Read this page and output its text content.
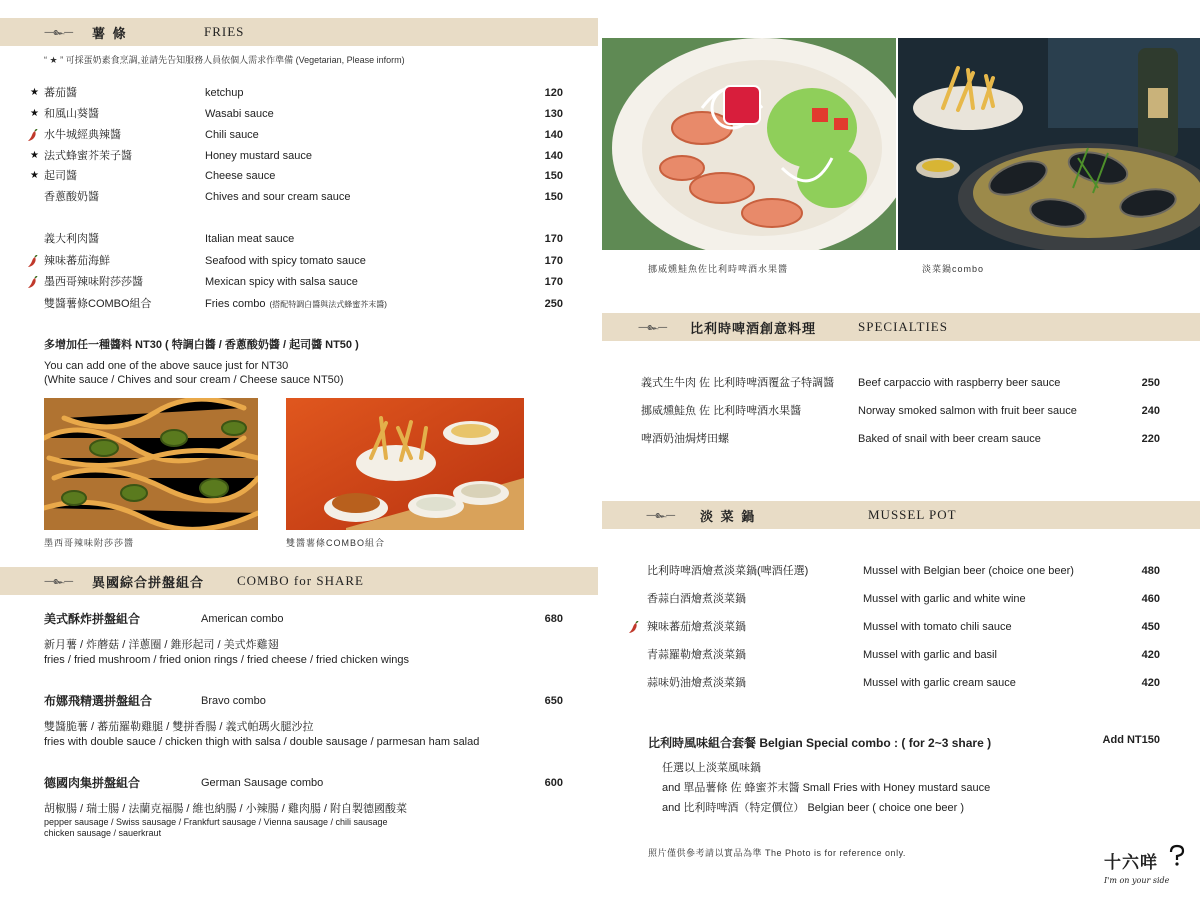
—๛—	薯 條	FRIES
“ ★ ” 可採蛋奶素食烹調,並請先告知服務人員依個人需求作準備 (Vegetarian, Please inform)
★ 蕃茄醬	ketchup	120
★ 和風山葵醬	Wasabi sauce	130
水牛城經典辣醬	Chili sauce	140
★ 法式蜂蜜芥茉子醬	Honey mustard sauce	140
★ 起司醬	Cheese sauce	150
香蔥酸奶醬	Chives and sour cream sauce	150
義大利肉醬	Italian meat sauce	170
辣味蕃茄海鮮	Seafood with spicy tomato sauce	170
墨西哥辣味附莎莎醬	Mexican spicy with salsa sauce	170
雙醬薯條COMBO組合	Fries combo (搭配特調白醬與法式蜂蜜芥末醬)	250
多增加任一種醬料 NT30 ( 特調白醬 / 香蔥酸奶醬 / 起司醬 NT50 )
You can add one of the above sauce just for NT30
(White sauce / Chives and sour cream / Cheese sauce NT50)
墨西哥辣味附莎莎醬	雙醬薯條COMBO組合
—๛—	異國綜合拼盤組合	COMBO for SHARE
美式酥炸拼盤組合	American combo	680
新月薯 / 炸蘑菇 / 洋蔥圈 / 錐形起司 / 美式炸雞翅
fries / fried mushroom / fried onion rings / fried cheese / fried chicken wings
布娜飛精選拼盤組合	Bravo combo	650
雙醬脆薯 / 蕃茄羅勒雞腿 / 雙拼香腸 / 義式帕瑪火腿沙拉
fries with double sauce / chicken thigh with salsa / double sausage / parmesan ham salad
德國肉集拼盤組合	German Sausage combo	600
胡椒腸 / 瑞士腸 / 法蘭克福腸 / 維也納腸 / 小辣腸 / 雞肉腸 / 附自製德國酸菜
pepper sausage / Swiss sausage / Frankfurt sausage / Vienna sausage / chili sausage
chicken sausage / sauerkraut
挪威燻鮭魚佐比利時啤酒水果醬	淡菜鍋combo
—๛—	比利時啤酒創意料理	SPECIALTIES
義式生牛肉 佐 比利時啤酒覆盆子特調醬 Beef carpaccio with raspberry beer sauce	250
挪威燻鮭魚 佐 比利時啤酒水果醬	Norway smoked salmon with fruit beer sauce	240
啤酒奶油焗烤田螺	Baked of snail with beer cream sauce	220
—๛—	淡 菜 鍋	MUSSEL POT
比利時啤酒燴煮淡菜鍋(啤酒任選)	Mussel with Belgian beer (choice one beer)	480
香蒜白酒燴煮淡菜鍋	Mussel with garlic and white wine	460
辣味蕃茄燴煮淡菜鍋	Mussel with tomato chili sauce	450
青蒜羅勒燴煮淡菜鍋	Mussel with garlic and basil	420
蒜味奶油燴煮淡菜鍋	Mussel with garlic cream sauce	420
比利時風味組合套餐 Belgian Special combo : ( for 2~3 share )	Add NT150
任選以上淡菜風味鍋
and 單品薯條 佐 蜂蜜芥末醬 Small Fries with Honey mustard sauce
and 比利時啤酒（特定價位） Belgian beer ( choice one beer )
照片僅供參考請以實品為準 The Photo is for reference only.	十六咩
I'm on your side
